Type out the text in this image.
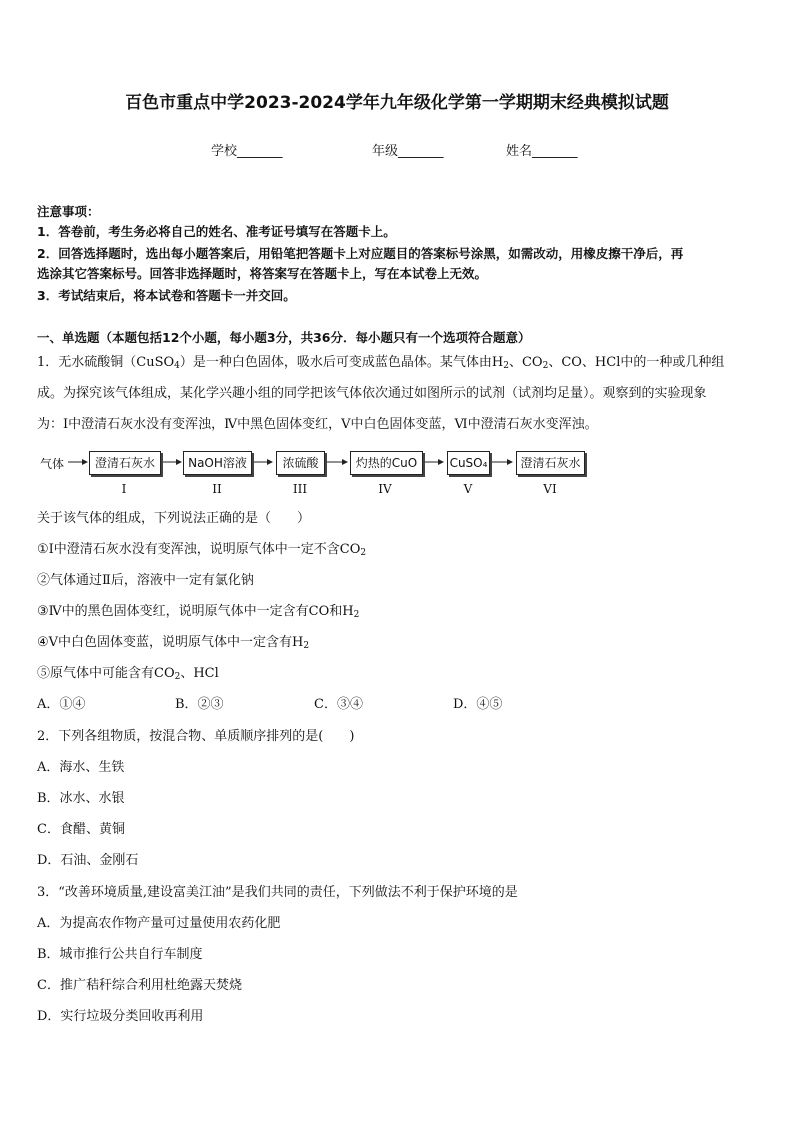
百色市重点中学2023-2024学年九年级化学第一学期期末经典模拟试题
学校_______	年级_______	姓名_______
注意事项：
1．答卷前，考生务必将自己的姓名、准考证号填写在答题卡上。
2．回答选择题时，选出每小题答案后，用铅笔把答题卡上对应题目的答案标号涂黑，如需改动，用橡皮擦干净后，再
选涂其它答案标号。回答非选择题时，将答案写在答题卡上，写在本试卷上无效。
3．考试结束后，将本试卷和答题卡一并交回。
一、单选题（本题包括12个小题，每小题3分，共36分．每小题只有一个选项符合题意）
1．无水硫酸铜（CuSO$_4$）是一种白色固体，吸水后可变成蓝色晶体。某气体由$H_2$、$CO_2$、CO、HCl中的一种或几种组
成。为探究该气体组成，某化学兴趣小组的同学把该气体依次通过如图所示的试剂（试剂均足量）。观察到的实验现象
为：Ⅰ中澄清石灰水没有变浑浊，Ⅳ中黑色固体变红，Ⅴ中白色固体变蓝，Ⅵ中澄清石灰水变浑浊。
气体	澄清石灰水	NaOH溶液	浓硫酸	灼热的CuO	CuSO₄	澄清石灰水
I	II	III	IV	V	VI
关于该气体的组成，下列说法正确的是（　　）
①I中澄清石灰水没有变浑浊，说明原气体中一定不含$CO_2$
②气体通过Ⅱ后，溶液中一定有氯化钠
③Ⅳ中的黑色固体变红，说明原气体中一定含有CO和$H_2$
④Ⅴ中白色固体变蓝，说明原气体中一定含有$H_2$
⑤原气体中可能含有$CO_2$、HCl
A．①④	B．②③	C．③④	D．④⑤
2．下列各组物质，按混合物、单质顺序排列的是(　　)
A．海水、生铁
B．冰水、水银
C．食醋、黄铜
D．石油、金刚石
3．“改善环境质量,建设富美江油”是我们共同的责任，下列做法不利于保护环境的是
A．为提高农作物产量可过量使用农药化肥
B．城市推行公共自行车制度
C．推广秸秆综合利用杜绝露天焚烧
D．实行垃圾分类回收再利用
